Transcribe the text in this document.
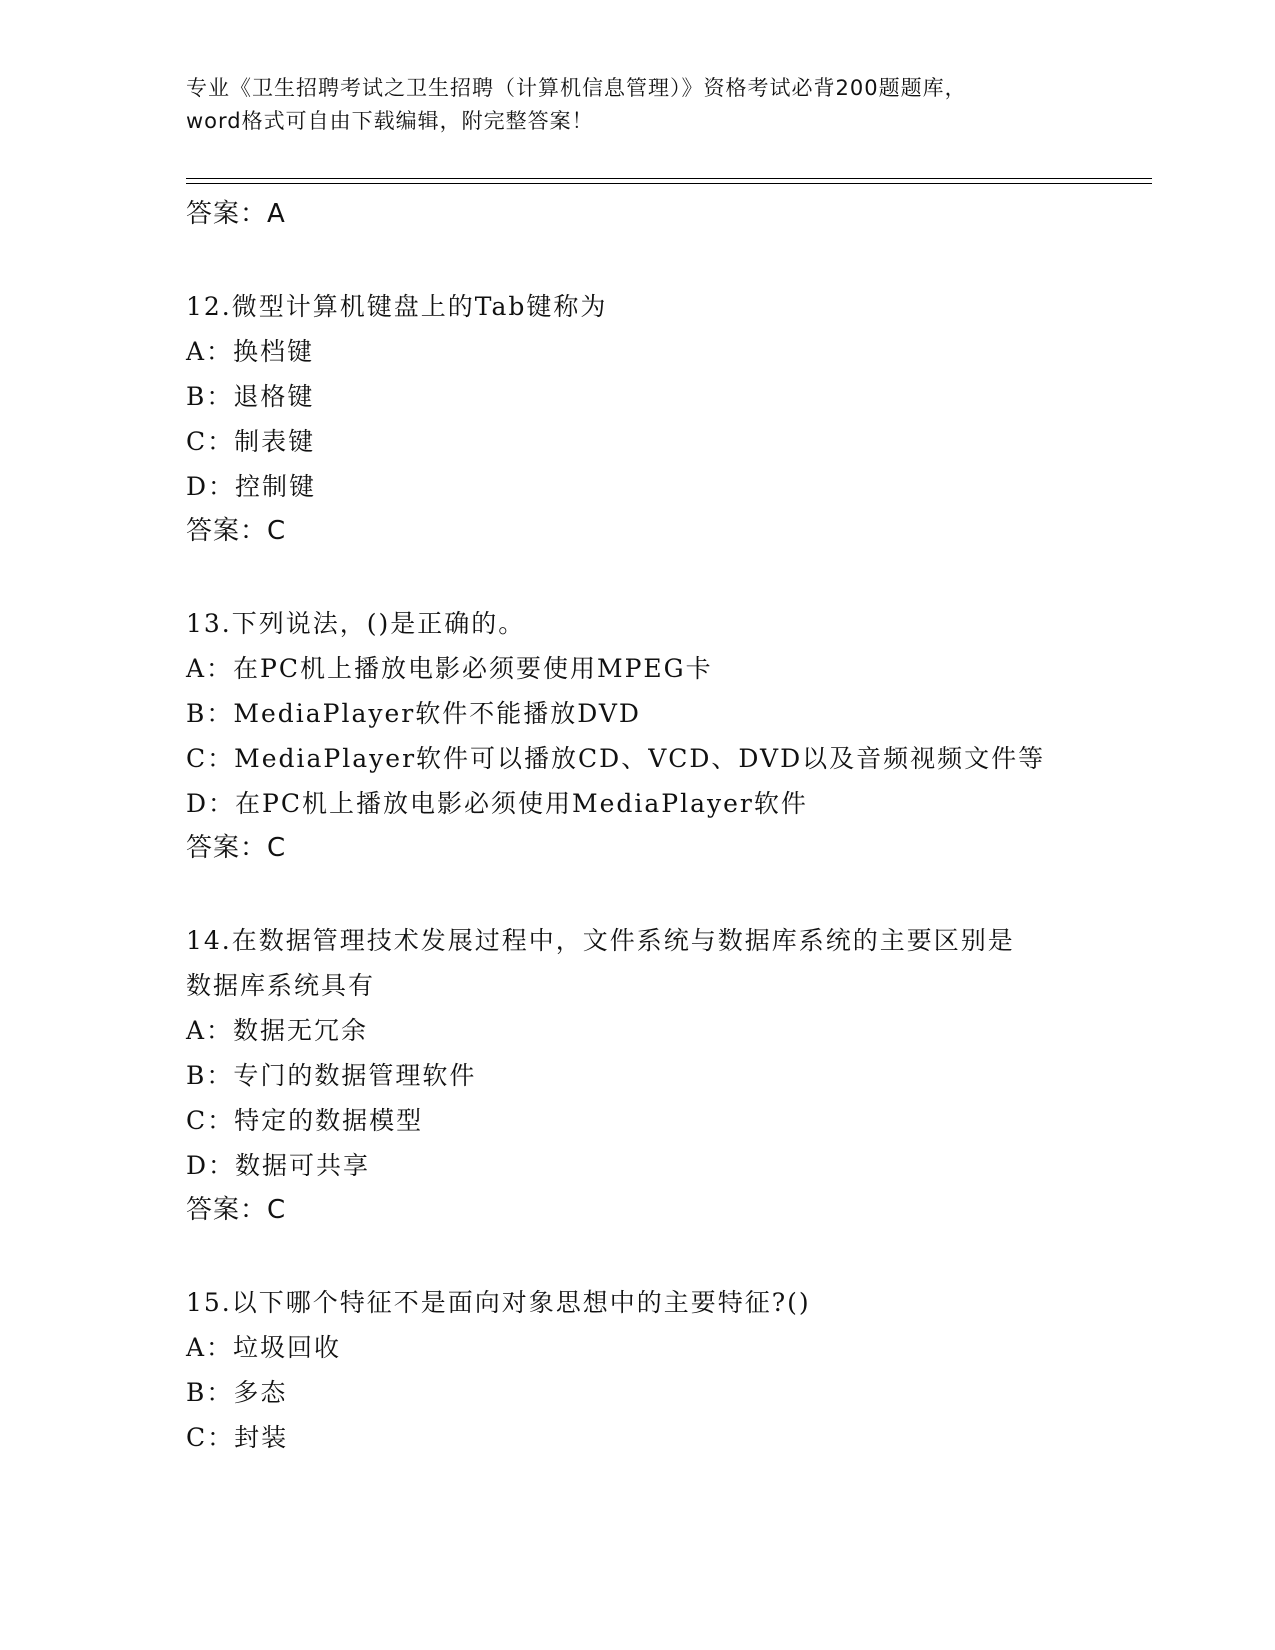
专业《卫生招聘考试之卫生招聘（计算机信息管理）》资格考试必背200题题库，
word格式可自由下载编辑，附完整答案！
答案：A
12.微型计算机键盘上的Tab键称为
A：换档键
B：退格键
C：制表键
D：控制键
答案：C
13.下列说法，()是正确的。
A：在PC机上播放电影必须要使用MPEG卡
B：MediaPlayer软件不能播放DVD
C：MediaPlayer软件可以播放CD、VCD、DVD以及音频视频文件等
D：在PC机上播放电影必须使用MediaPlayer软件
答案：C
14.在数据管理技术发展过程中，文件系统与数据库系统的主要区别是
数据库系统具有
A：数据无冗余
B：专门的数据管理软件
C：特定的数据模型
D：数据可共享
答案：C
15.以下哪个特征不是面向对象思想中的主要特征?()
A：垃圾回收
B：多态
C：封装
